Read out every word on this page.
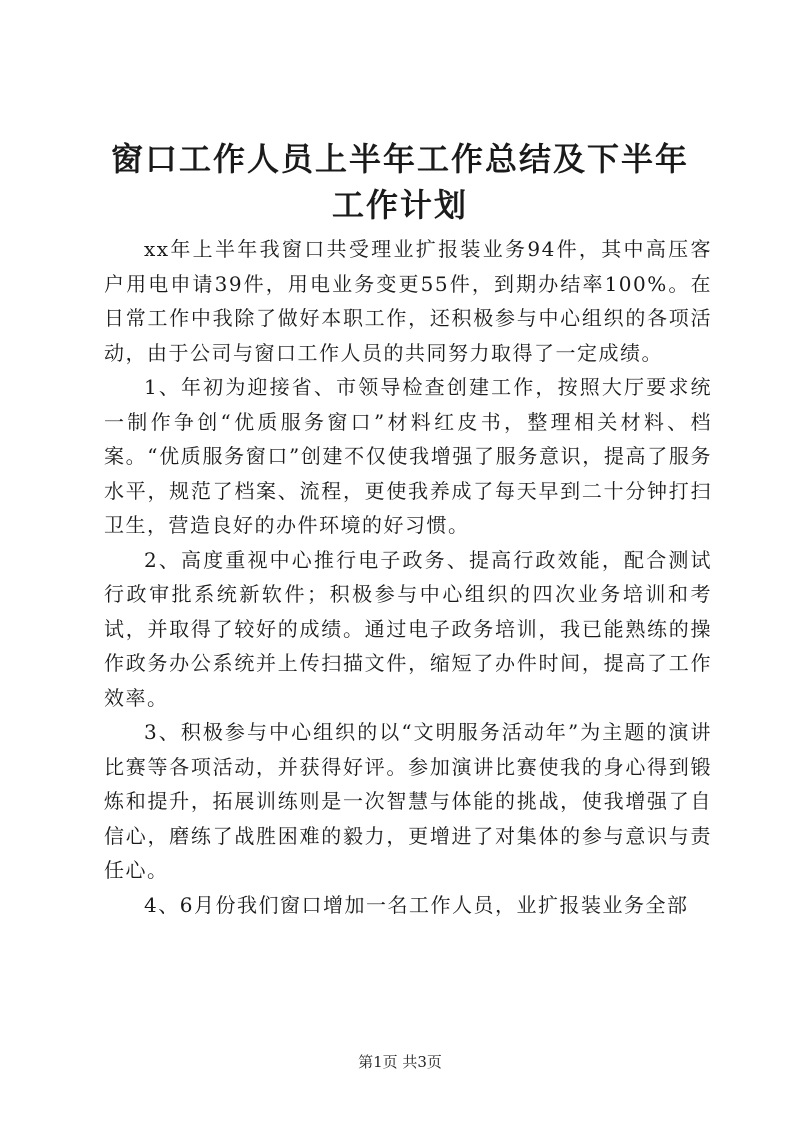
窗口工作人员上半年工作总结及下半年工作计划

xx年上半年我窗口共受理业扩报装业务94件，其中高压客户用电申请39件，用电业务变更55件，到期办结率100%。在日常工作中我除了做好本职工作，还积极参与中心组织的各项活动，由于公司与窗口工作人员的共同努力取得了一定成绩。

1、年初为迎接省、市领导检查创建工作，按照大厅要求统一制作争创“优质服务窗口”材料红皮书，整理相关材料、档案。“优质服务窗口”创建不仅使我增强了服务意识，提高了服务水平，规范了档案、流程，更使我养成了每天早到二十分钟打扫卫生，营造良好的办件环境的好习惯。

2、高度重视中心推行电子政务、提高行政效能，配合测试行政审批系统新软件；积极参与中心组织的四次业务培训和考试，并取得了较好的成绩。通过电子政务培训，我已能熟练的操作政务办公系统并上传扫描文件，缩短了办件时间，提高了工作效率。

3、积极参与中心组织的以“文明服务活动年”为主题的演讲比赛等各项活动，并获得好评。参加演讲比赛使我的身心得到锻炼和提升，拓展训练则是一次智慧与体能的挑战，使我增强了自信心，磨练了战胜困难的毅力，更增进了对集体的参与意识与责任心。

4、6月份我们窗口增加一名工作人员，业扩报装业务全部

第1页 共3页
